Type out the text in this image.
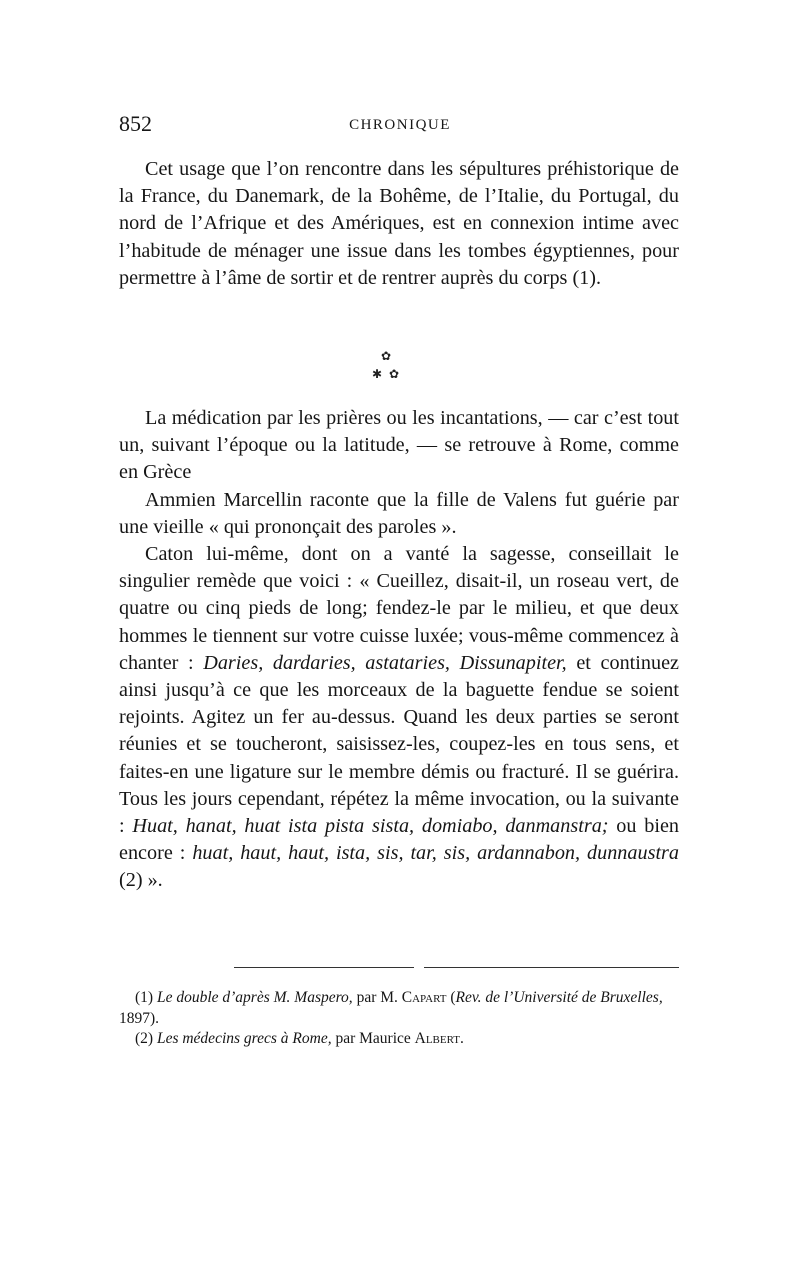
852	CHRONIQUE

Cet usage que l’on rencontre dans les sépultures préhistorique de la France, du Danemark, de la Bohême, de l’Italie, du Portugal, du nord de l’Afrique et des Amériques, est en connexion intime avec l’habitude de ménager une issue dans les tombes égyptiennes, pour permettre à l’âme de sortir et de rentrer auprès du corps (1).

✿
✱ ✿

La médication par les prières ou les incantations, — car c’est tout un, suivant l’époque ou la latitude, — se retrouve à Rome, comme en Grèce

Ammien Marcellin raconte que la fille de Valens fut guérie par une vieille « qui prononçait des paroles ».

Caton lui-même, dont on a vanté la sagesse, conseillait le singulier remède que voici : « Cueillez, disait-il, un roseau vert, de quatre ou cinq pieds de long; fendez-le par le milieu, et que deux hommes le tiennent sur votre cuisse luxée; vous-même commencez à chanter : Daries, dardaries, astataries, Dissunapiter, et continuez ainsi jusqu’à ce que les morceaux de la baguette fendue se soient rejoints. Agitez un fer au-dessus. Quand les deux parties se seront réunies et se toucheront, saisissez-les, coupez-les en tous sens, et faites-en une ligature sur le membre démis ou fracturé. Il se guérira. Tous les jours cependant, répétez la même invocation, ou la suivante : Huat, hanat, huat ista pista sista, domiabo, danmanstra; ou bien encore : huat, haut, haut, ista, sis, tar, sis, ardannabon, dunnaustra (2) ».

(1) Le double d’après M. Maspero, par M. Capart (Rev. de l’Université de Bruxelles, 1897).

(2) Les médecins grecs à Rome, par Maurice Albert.
